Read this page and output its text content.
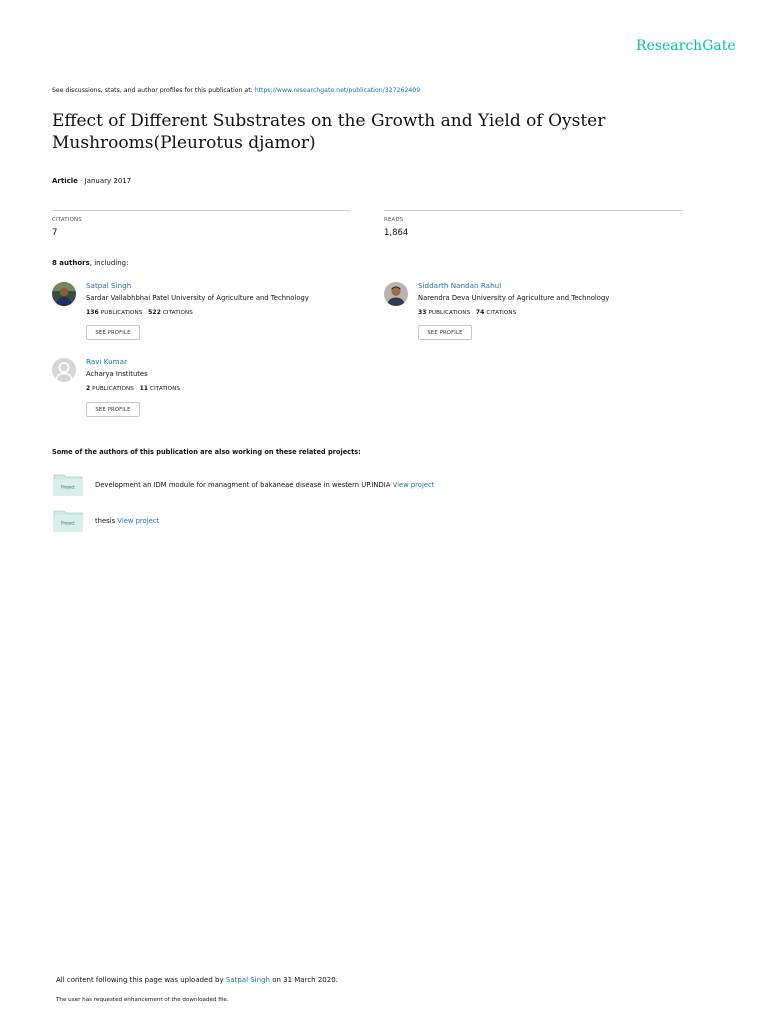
ResearchGate
See discussions, stats, and author profiles for this publication at: https://www.researchgate.net/publication/327262409
Effect of Different Substrates on the Growth and Yield of Oyster
Mushrooms(Pleurotus djamor)
Article · January 2017
CITATIONS
7
READS
1,864
8 authors, including:
Satpal Singh
Sardar Vallabhbhai Patel University of Agriculture and Technology
136 PUBLICATIONS 522 CITATIONS
SEE PROFILE
Siddarth Nandan Rahul
Narendra Deva University of Agriculture and Technology
33 PUBLICATIONS 74 CITATIONS
SEE PROFILE
Ravi Kumar
Acharya Institutes
2 PUBLICATIONS 11 CITATIONS
SEE PROFILE
Some of the authors of this publication are also working on these related projects:
Project	Development an IDM module for managment of bakaneae disease in western UP.INDIA View project
Project	thesis View project
All content following this page was uploaded by Satpal Singh on 31 March 2020.
The user has requested enhancement of the downloaded file.
